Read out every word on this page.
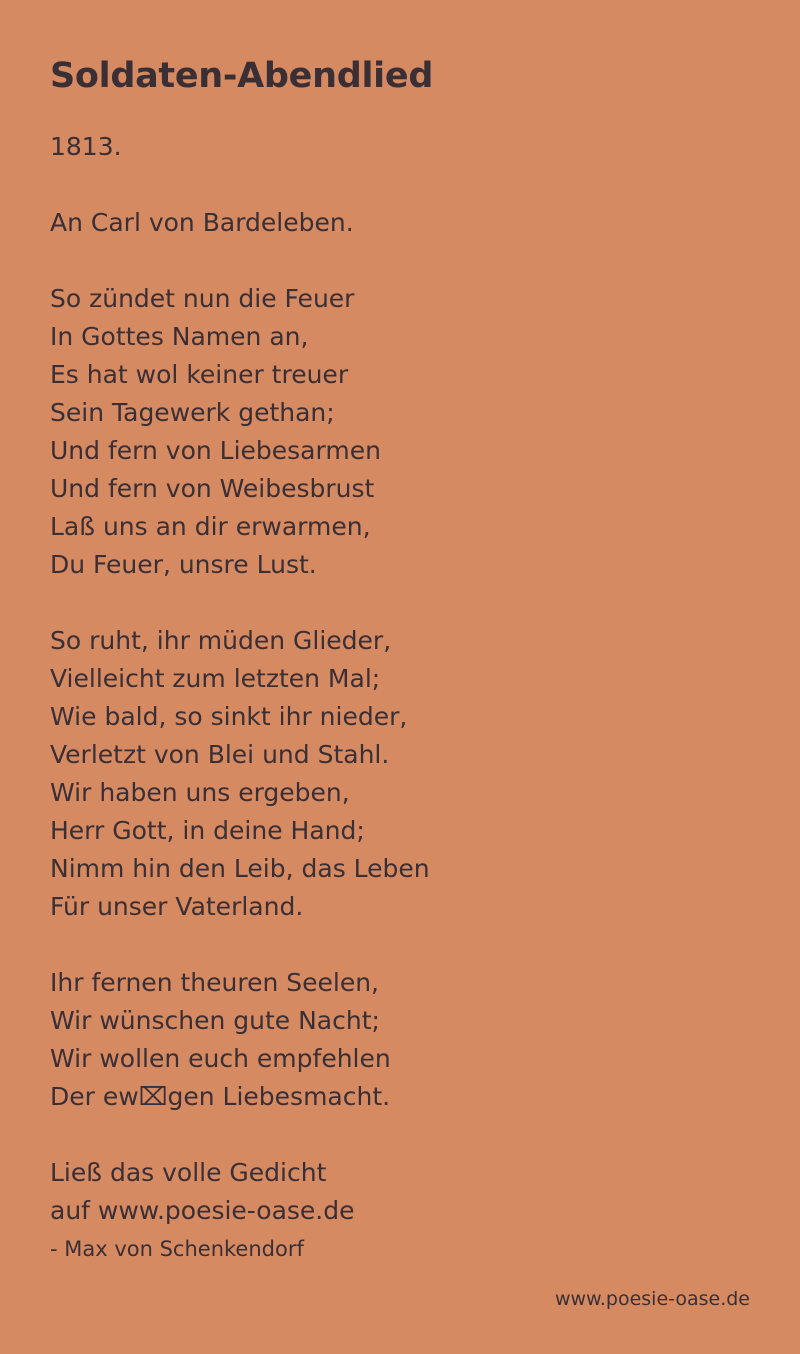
Soldaten-Abendlied
1813.
An Carl von Bardeleben.
So zündet nun die Feuer
In Gottes Namen an,
Es hat wol keiner treuer
Sein Tagewerk gethan;
Und fern von Liebesarmen
Und fern von Weibesbrust
Laß uns an dir erwarmen,
Du Feuer, unsre Lust.
So ruht, ihr müden Glieder,
Vielleicht zum letzten Mal;
Wie bald, so sinkt ihr nieder,
Verletzt von Blei und Stahl.
Wir haben uns ergeben,
Herr Gott, in deine Hand;
Nimm hin den Leib, das Leben
Für unser Vaterland.
Ihr fernen theuren Seelen,
Wir wünschen gute Nacht;
Wir wollen euch empfehlen
Der ew⌧gen Liebesmacht.
Ließ das volle Gedicht
auf www.poesie-oase.de
- Max von Schenkendorf
www.poesie-oase.de
